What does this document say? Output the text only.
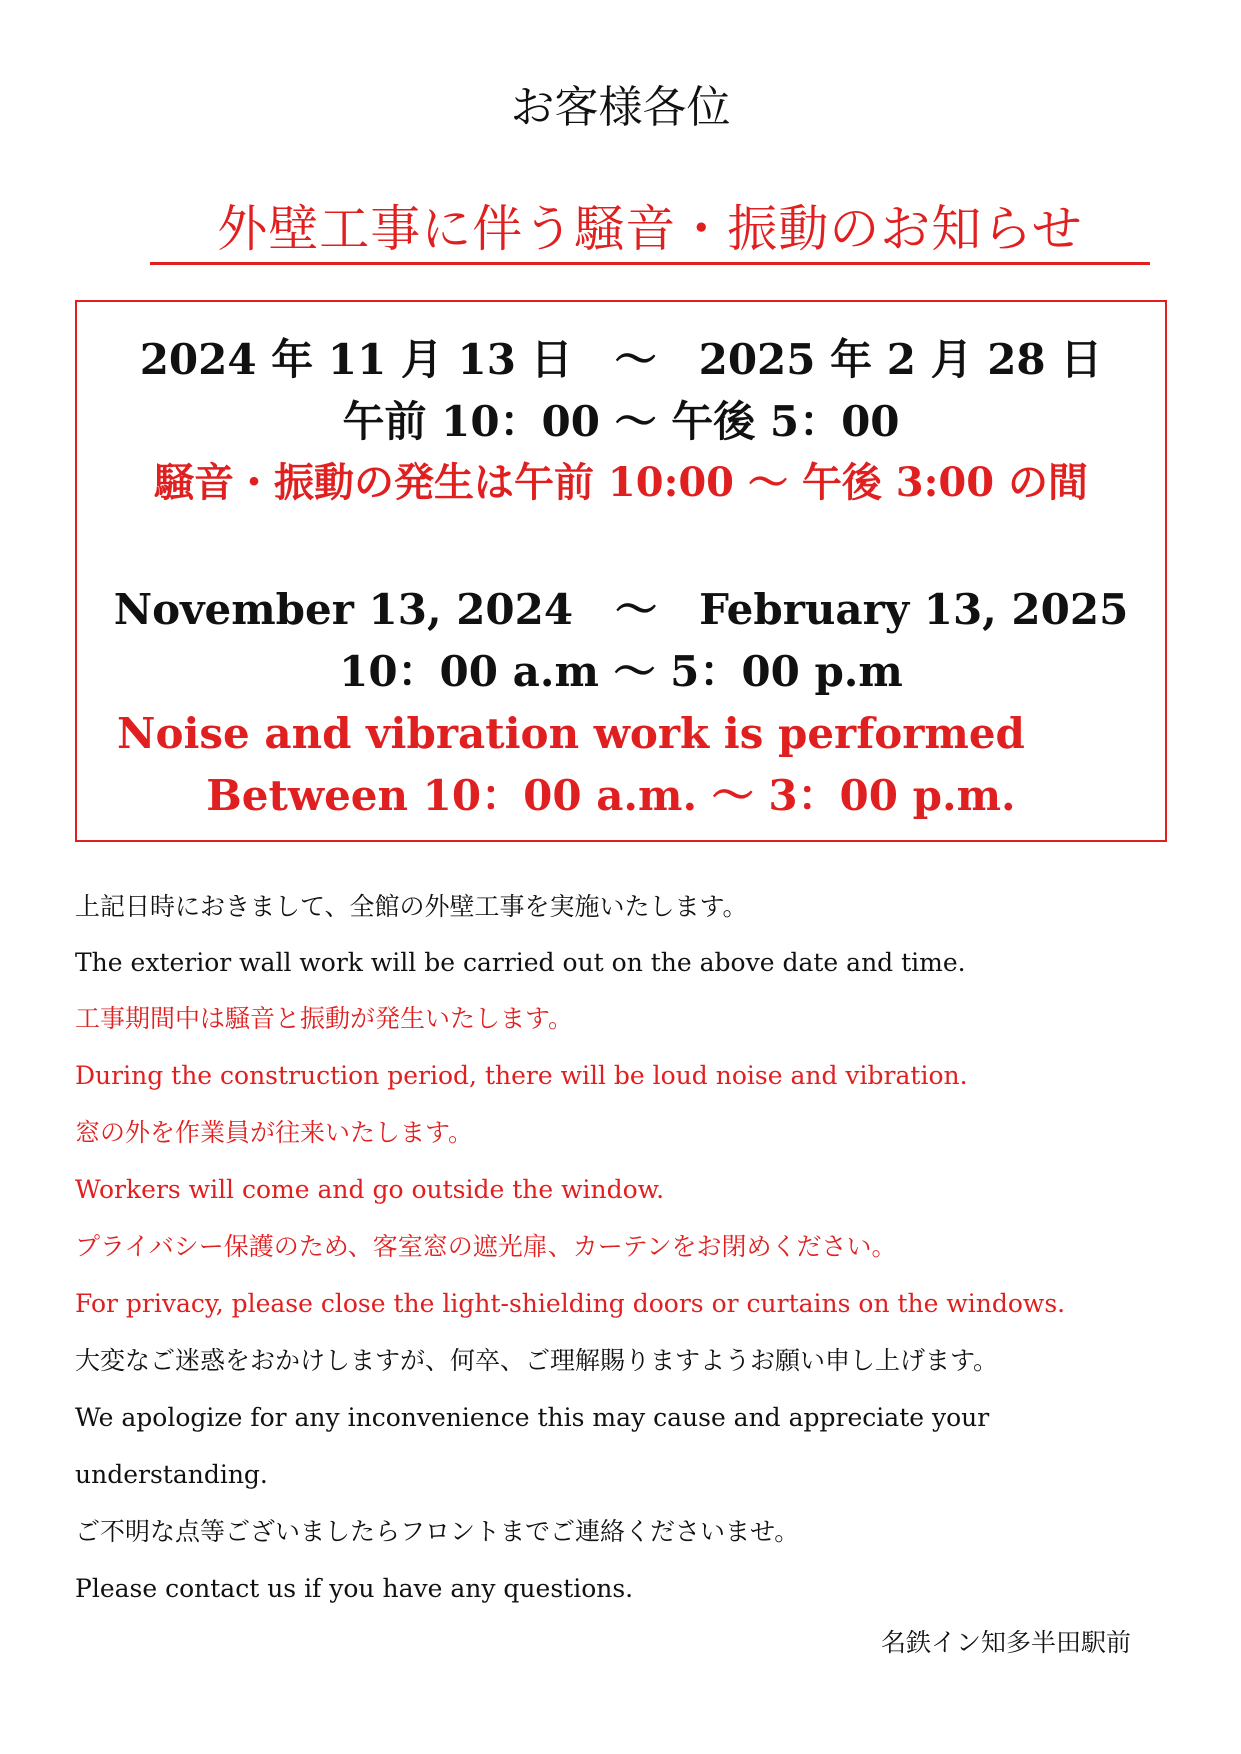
お客様各位
外壁工事に伴う騒音・振動のお知らせ
2024 年 11 月 13 日　～　2025 年 2 月 28 日
午前 10：00 ～ 午後 5：00
騒音・振動の発生は午前 10:00 ～ 午後 3:00 の間
November 13, 2024　～　February 13, 2025
10：00 a.m ～ 5：00 p.m
Noise and vibration work is performed
Between 10：00 a.m. ～ 3：00 p.m.
上記日時におきまして、全館の外壁工事を実施いたします。
The exterior wall work will be carried out on the above date and time.
工事期間中は騒音と振動が発生いたします。
During the construction period, there will be loud noise and vibration.
窓の外を作業員が往来いたします。
Workers will come and go outside the window.
プライバシー保護のため、客室窓の遮光扉、カーテンをお閉めください。
For privacy, please close the light-shielding doors or curtains on the windows.
大変なご迷惑をおかけしますが、何卒、ご理解賜りますようお願い申し上げます。
We apologize for any inconvenience this may cause and appreciate your
understanding.
ご不明な点等ございましたらフロントまでご連絡くださいませ。
Please contact us if you have any questions.
名鉄イン知多半田駅前
